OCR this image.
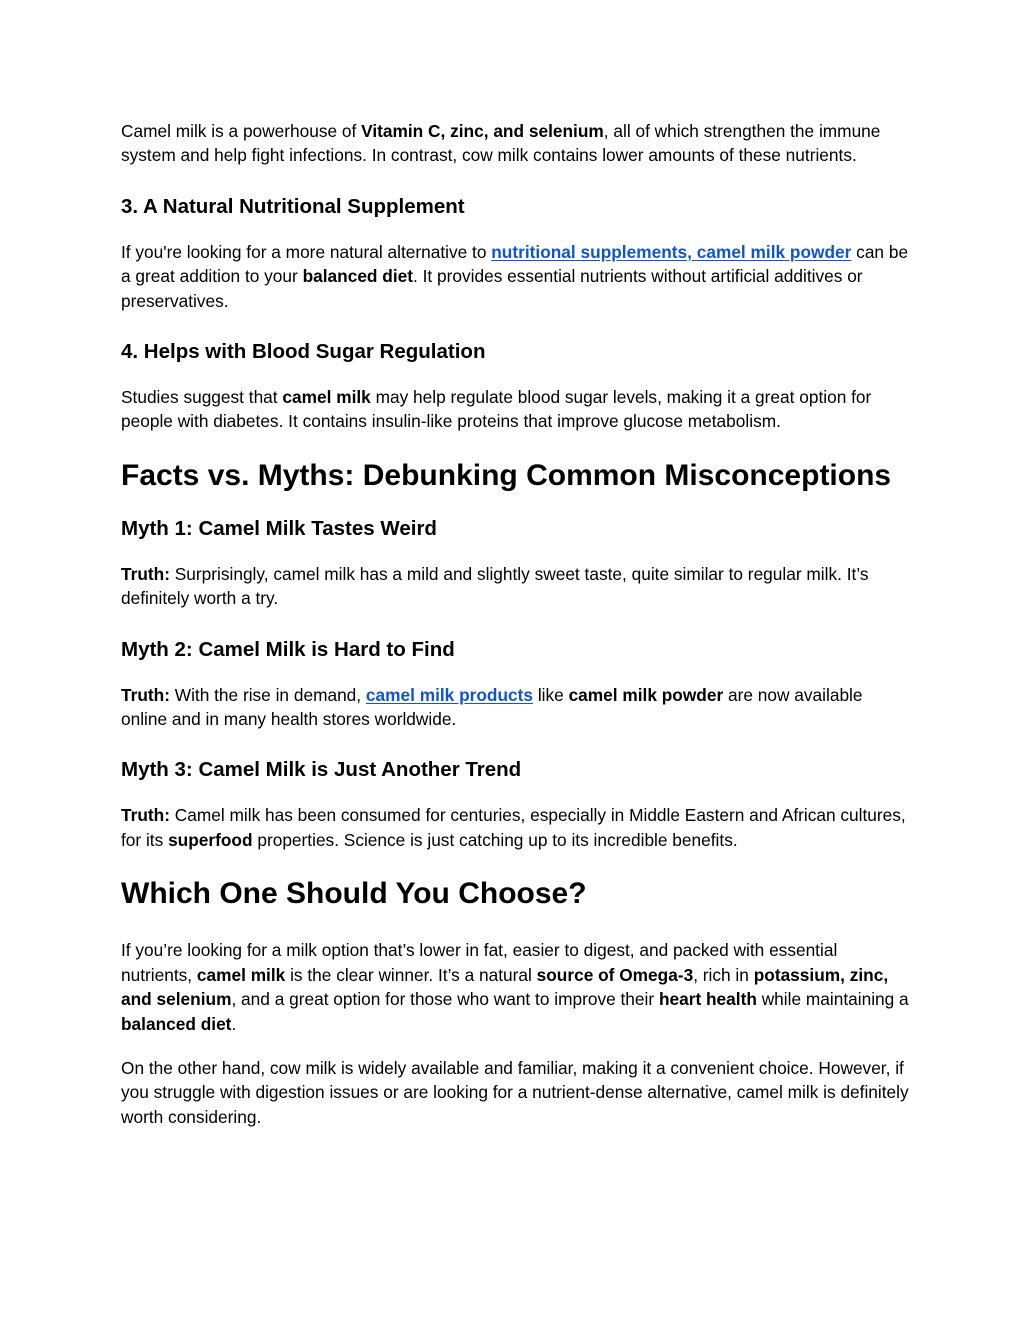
Camel milk is a powerhouse of Vitamin C, zinc, and selenium, all of which strengthen the immune system and help fight infections. In contrast, cow milk contains lower amounts of these nutrients.

3. A Natural Nutritional Supplement

If you're looking for a more natural alternative to nutritional supplements, camel milk powder can be a great addition to your balanced diet. It provides essential nutrients without artificial additives or preservatives.

4. Helps with Blood Sugar Regulation

Studies suggest that camel milk may help regulate blood sugar levels, making it a great option for people with diabetes. It contains insulin-like proteins that improve glucose metabolism.

Facts vs. Myths: Debunking Common Misconceptions
Myth 1: Camel Milk Tastes Weird

Truth: Surprisingly, camel milk has a mild and slightly sweet taste, quite similar to regular milk. It’s definitely worth a try.

Myth 2: Camel Milk is Hard to Find

Truth: With the rise in demand, camel milk products like camel milk powder are now available online and in many health stores worldwide.

Myth 3: Camel Milk is Just Another Trend

Truth: Camel milk has been consumed for centuries, especially in Middle Eastern and African cultures, for its superfood properties. Science is just catching up to its incredible benefits.

Which One Should You Choose?

If you’re looking for a milk option that’s lower in fat, easier to digest, and packed with essential nutrients, camel milk is the clear winner. It’s a natural source of Omega-3, rich in potassium, zinc, and selenium, and a great option for those who want to improve their heart health while maintaining a balanced diet.

On the other hand, cow milk is widely available and familiar, making it a convenient choice. However, if you struggle with digestion issues or are looking for a nutrient-dense alternative, camel milk is definitely worth considering.
